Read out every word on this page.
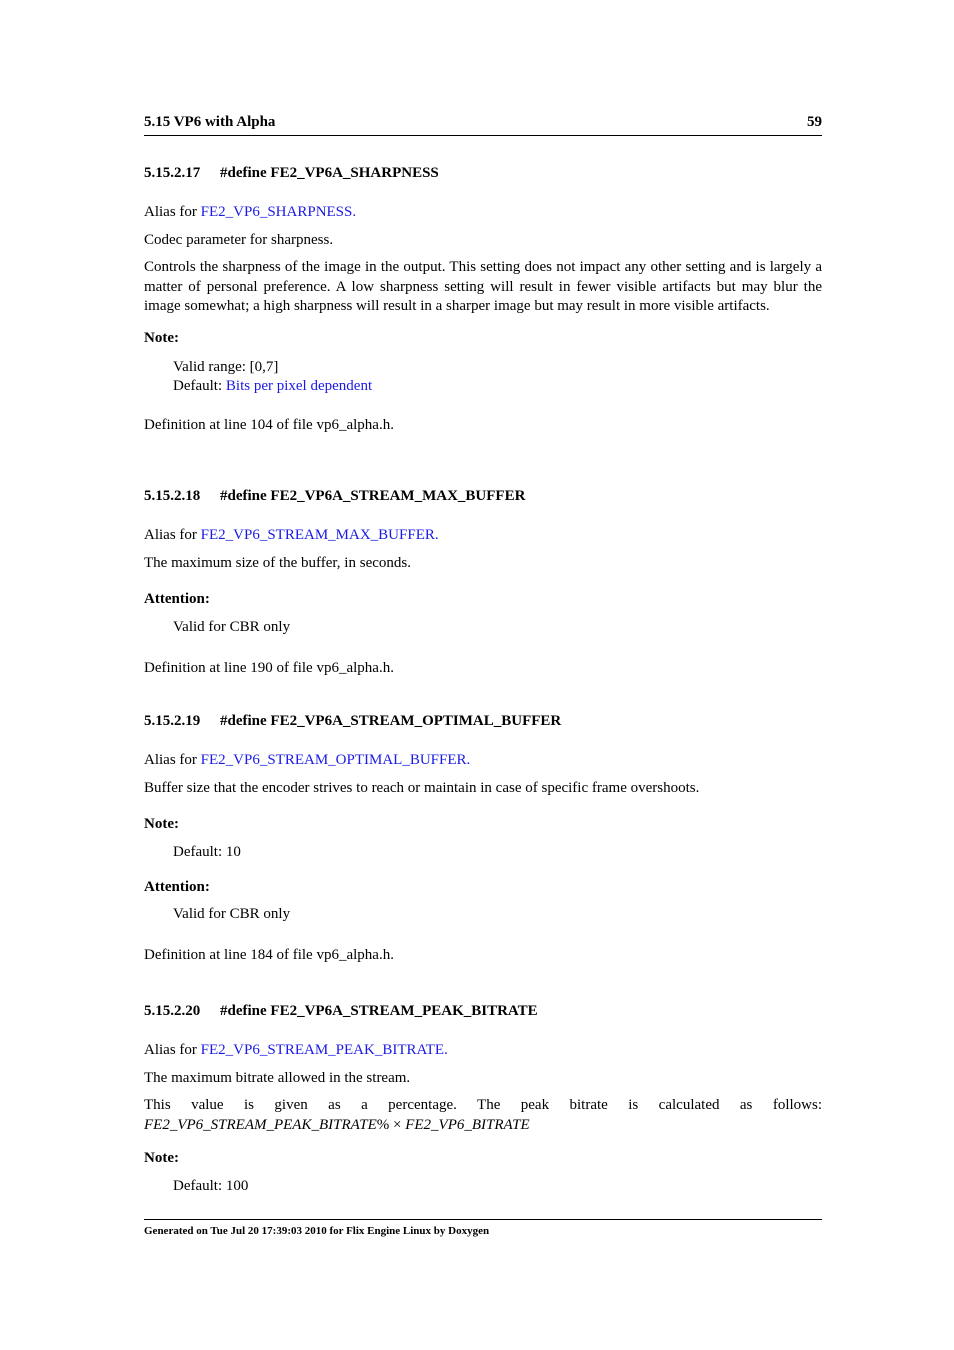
5.15 VP6 with Alpha	59
5.15.2.17 #define FE2_VP6A_SHARPNESS

Alias for FE2_VP6_SHARPNESS.

Codec parameter for sharpness.

Controls the sharpness of the image in the output. This setting does not impact any other setting and is largely a matter of personal preference. A low sharpness setting will result in fewer visible artifacts but may blur the image somewhat; a high sharpness will result in a sharper image but may result in more visible artifacts.

Note:

Valid range: [0,7]

Default: Bits per pixel dependent

Definition at line 104 of file vp6_alpha.h.

5.15.2.18 #define FE2_VP6A_STREAM_MAX_BUFFER

Alias for FE2_VP6_STREAM_MAX_BUFFER.

The maximum size of the buffer, in seconds.

Attention:

Valid for CBR only

Definition at line 190 of file vp6_alpha.h.

5.15.2.19 #define FE2_VP6A_STREAM_OPTIMAL_BUFFER

Alias for FE2_VP6_STREAM_OPTIMAL_BUFFER.

Buffer size that the encoder strives to reach or maintain in case of specific frame overshoots.

Note:

Default: 10

Attention:

Valid for CBR only

Definition at line 184 of file vp6_alpha.h.

5.15.2.20 #define FE2_VP6A_STREAM_PEAK_BITRATE

Alias for FE2_VP6_STREAM_PEAK_BITRATE.

The maximum bitrate allowed in the stream.

This value is given as a percentage. The peak bitrate is calculated as follows:

FE2_VP6_STREAM_PEAK_BITRATE% × FE2_VP6_BITRATE

Note:

Default: 100

Generated on Tue Jul 20 17:39:03 2010 for Flix Engine Linux by Doxygen
